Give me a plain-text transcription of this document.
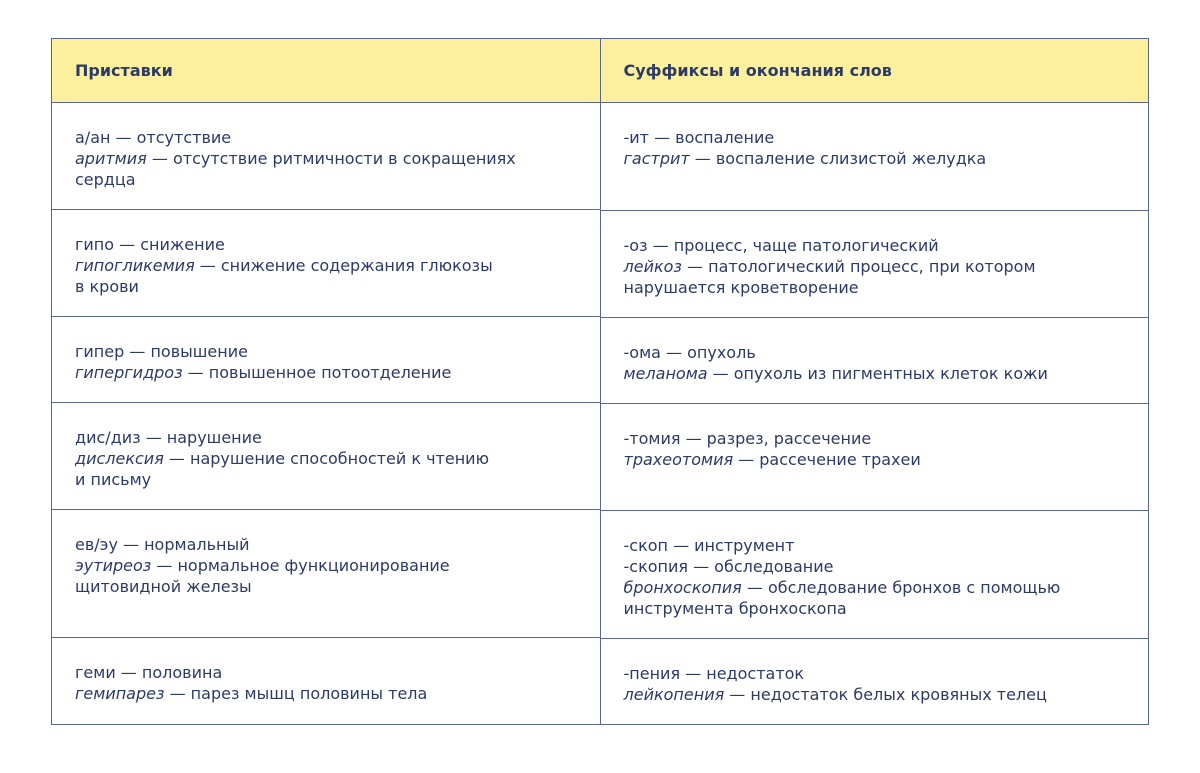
Приставки
а/ан — отсутствие
аритмия — отсутствие ритмичности в сокращениях
сердца
гипо — снижение
гипогликемия — снижение содержания глюкозы
в крови
гипер — повышение
гипергидроз — повышенное потоотделение
дис/диз — нарушение
дислексия — нарушение способностей к чтению
и письму
ев/эу — нормальный
эутиреоз — нормальное функционирование
щитовидной железы
геми — половина
гемипарез — парез мышц половины тела
Суффиксы и окончания слов
-ит — воспаление
гастрит — воспаление слизистой желудка
-оз — процесс, чаще патологический
лейкоз — патологический процесс, при котором
нарушается кроветворение
-ома — опухоль
меланома — опухоль из пигментных клеток кожи
-томия — разрез, рассечение
трахеотомия — рассечение трахеи
-скоп — инструмент
-скопия — обследование
бронхоскопия — обследование бронхов с помощью
инструмента бронхоскопа
-пения — недостаток
лейкопения — недостаток белых кровяных телец
